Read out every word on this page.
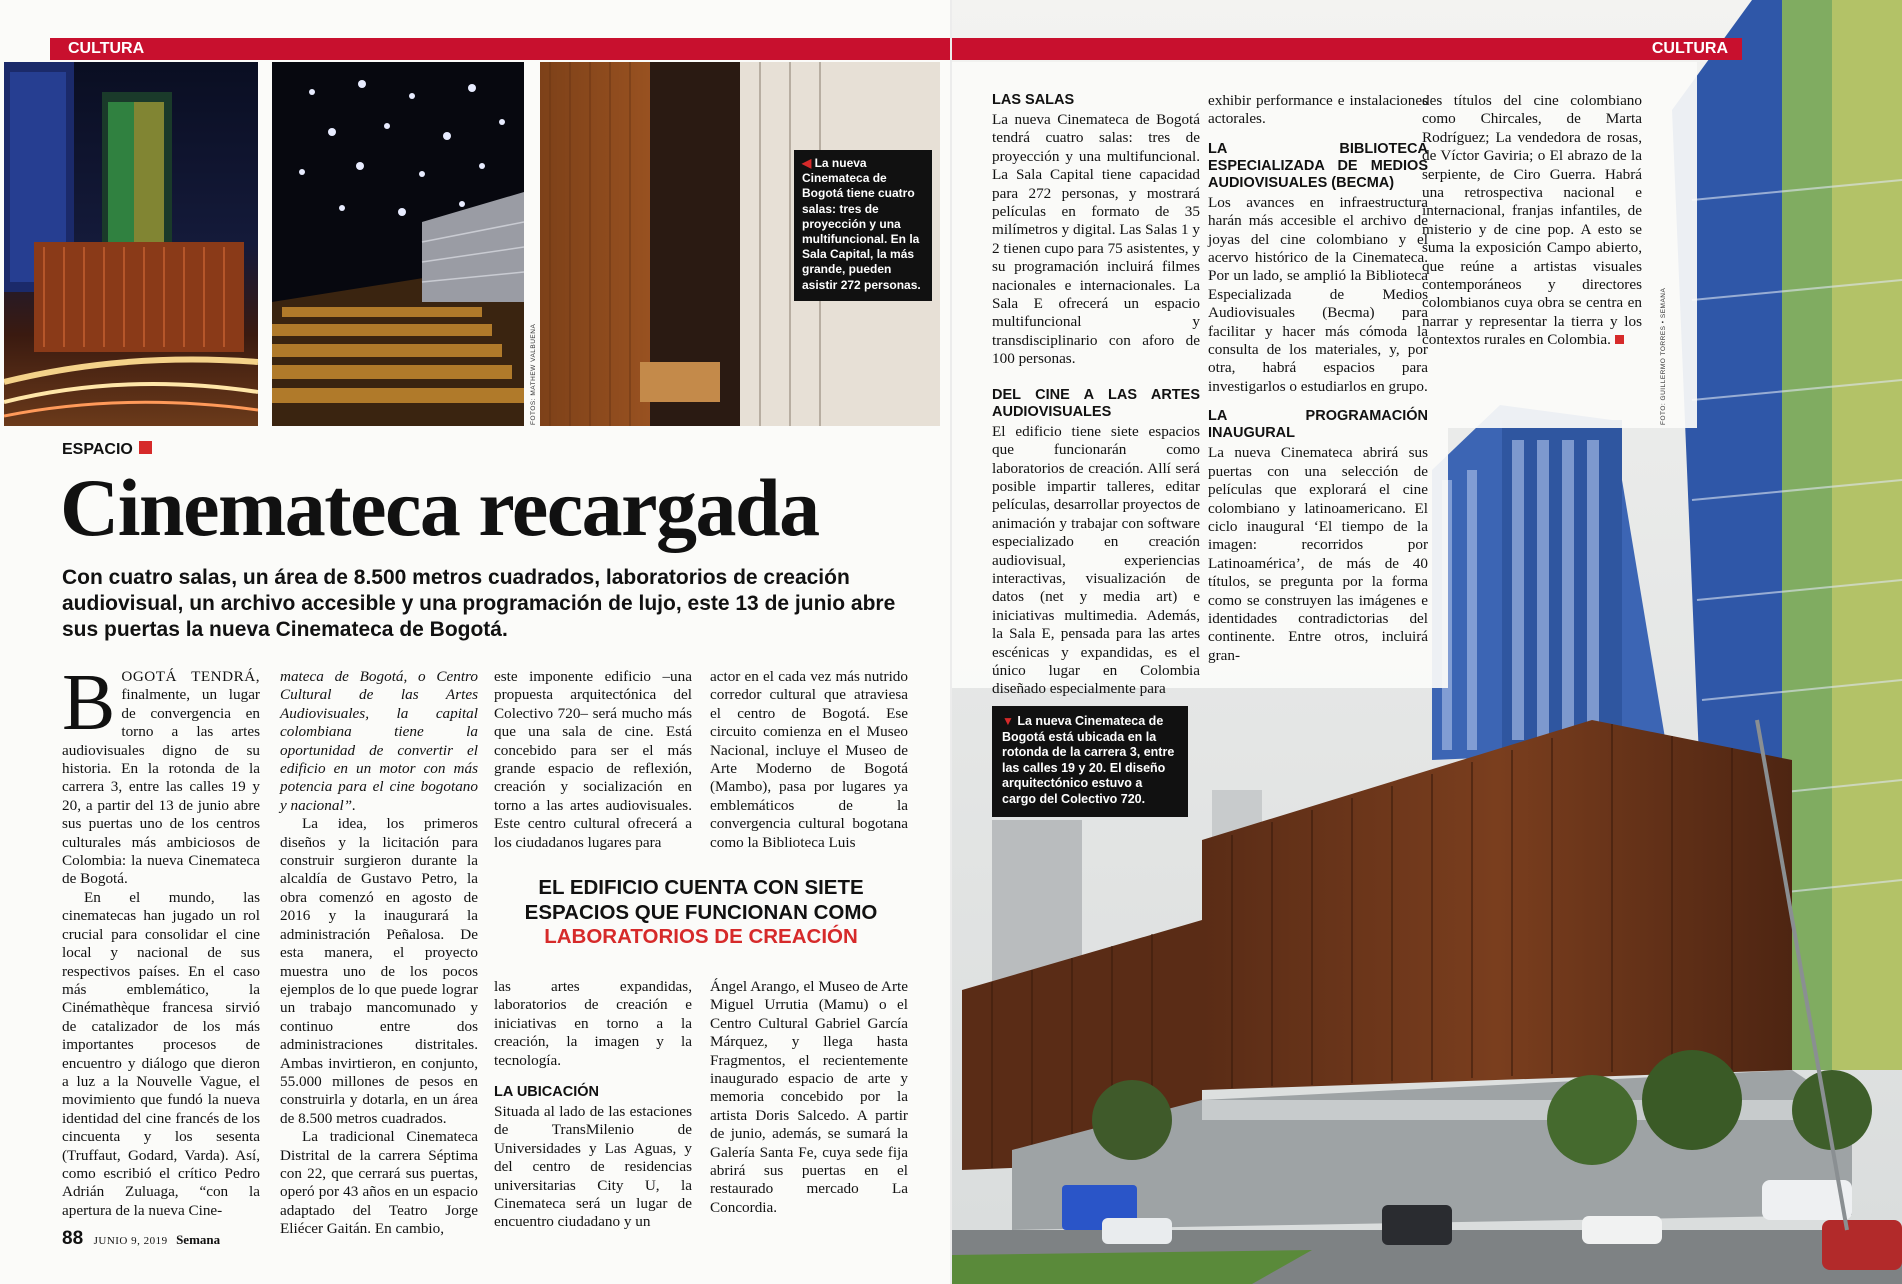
CULTURA
◀ La nueva Cinemateca de Bogotá tiene cuatro salas: tres de proyección y una multifuncional. En la Sala Capital, la más grande, pueden asistir 272 personas.
FOTOS: MATHEW VALBUENA
ESPACIO
Cinemateca recargada
Con cuatro salas, un área de 8.500 metros cuadrados, laboratorios de creación audiovisual, un archivo accesible y una programación de lujo, este 13 de junio abre sus puertas la nueva Cinemateca de Bogotá.

BOGOTÁ TENDRÁ, finalmente, un lugar de convergencia en torno a las artes audiovisuales digno de su historia. En la rotonda de la carrera 3, entre las calles 19 y 20, a partir del 13 de junio abre sus puertas uno de los centros culturales más ambiciosos de Colombia: la nueva Cinemateca de Bogotá.

En el mundo, las cinematecas han jugado un rol crucial para consolidar el cine local y nacional de sus respectivos países. En el caso más emblemático, la Cinémathèque francesa sirvió de catalizador de los más importantes procesos de encuentro y diálogo que dieron a luz a la Nouvelle Vague, el movimiento que fundó la nueva identidad del cine francés de los cincuenta y los sesenta (Truffaut, Godard, Varda). Así, como escribió el crítico Pedro Adrián Zuluaga, “con la apertura de la nueva Cine-

mateca de Bogotá, o Centro Cultural de las Artes Audiovisuales, la capital colombiana tiene la oportunidad de convertir el edificio en un motor con más potencia para el cine bogotano y nacional”.

La idea, los primeros diseños y la licitación para construir surgieron durante la alcaldía de Gustavo Petro, la obra comenzó en agosto de 2016 y la inaugurará la administración Peñalosa. De esta manera, el proyecto muestra uno de los pocos ejemplos de lo que puede lograr un trabajo mancomunado y continuo entre dos administraciones distritales. Ambas invirtieron, en conjunto, 55.000 millones de pesos en construirla y dotarla, en un área de 8.500 metros cuadrados.

La tradicional Cinemateca Distrital de la carrera Séptima con 22, que cerrará sus puertas, operó por 43 años en un espacio adaptado del Teatro Jorge Eliécer Gaitán. En cambio,

este imponente edificio –una propuesta arquitectónica del Colectivo 720– será mucho más que una sala de cine. Está concebido para ser el más grande espacio de reflexión, creación y socialización en torno a las artes audiovisuales. Este centro cultural ofrecerá a los ciudadanos lugares para

actor en el cada vez más nutrido corredor cultural que atraviesa el centro de Bogotá. Ese circuito comienza en el Museo Nacional, incluye el Museo de Arte Moderno de Bogotá (Mambo), pasa por lugares ya emblemáticos de la convergencia cultural bogotana como la Biblioteca Luis

EL EDIFICIO CUENTA CON SIETE
ESPACIOS QUE FUNCIONAN COMO
LABORATORIOS DE CREACIÓN

las artes expandidas, laboratorios de creación e iniciativas en torno a la creación, la imagen y la tecnología.

LA UBICACIÓN

Situada al lado de las estaciones de TransMilenio de Universidades y Las Aguas, y del centro de residencias universitarias City U, la Cinemateca será un lugar de encuentro ciudadano y un

Ángel Arango, el Museo de Arte Miguel Urrutia (Mamu) o el Centro Cultural Gabriel García Márquez, y llega hasta Fragmentos, el recientemente inaugurado espacio de arte y memoria concebido por la artista Doris Salcedo. A partir de junio, además, se sumará la Galería Santa Fe, cuya sede fija abrirá sus puertas en el restaurado mercado La Concordia.

88 JUNIO 9, 2019 Semana
CULTURA
LAS SALAS

La nueva Cinemateca de Bogotá tendrá cuatro salas: tres de proyección y una multifuncional. La Sala Capital tiene capacidad para 272 personas, y mostrará películas en formato de 35 milímetros y digital. Las Salas 1 y 2 tienen cupo para 75 asistentes, y su programación incluirá filmes nacionales e internacionales. La Sala E ofrecerá un espacio multifuncional y transdisciplinario con aforo de 100 personas.

DEL CINE A LAS ARTES AUDIOVISUALES

El edificio tiene siete espacios que funcionarán como laboratorios de creación. Allí será posible impartir talleres, editar películas, desarrollar proyectos de animación y trabajar con software especializado en creación audiovisual, experiencias interactivas, visualización de datos (net y media art) e iniciativas multimedia. Además, la Sala E, pensada para las artes escénicas y expandidas, es el único lugar en Colombia diseñado especialmente para

exhibir performance e instalaciones actorales.

LA BIBLIOTECA ESPECIALIZADA DE MEDIOS AUDIOVISUALES (BECMA)

Los avances en infraestructura harán más accesible el archivo de joyas del cine colombiano y el acervo histórico de la Cinemateca. Por un lado, se amplió la Biblioteca Especializada de Medios Audiovisuales (Becma) para facilitar y hacer más cómoda la consulta de los materiales, y, por otra, habrá espacios para investigarlos o estudiarlos en grupo.

LA PROGRAMACIÓN INAUGURAL

La nueva Cinemateca abrirá sus puertas con una selección de películas que explorará el cine colombiano y latinoamericano. El ciclo inaugural ‘El tiempo de la imagen: recorridos por Latinoamérica’, de más de 40 títulos, se pregunta por la forma como se construyen las imágenes e identidades contradictorias del continente. Entre otros, incluirá gran-

des títulos del cine colombiano como Chircales, de Marta Rodríguez; La vendedora de rosas, de Víctor Gaviria; o El abrazo de la serpiente, de Ciro Guerra. Habrá una retrospectiva nacional e internacional, franjas infantiles, de misterio y de cine pop. A esto se suma la exposición Campo abierto, que reúne a artistas visuales contemporáneos y directores colombianos cuya obra se centra en narrar y representar la tierra y los contextos rurales en Colombia.	FOTO: GUILLERMO TORRES • SEMANA
▼ La nueva Cinemateca de Bogotá está ubicada en la rotonda de la carrera 3, entre las calles 19 y 20. El diseño arquitectónico estuvo a cargo del Colectivo 720.
